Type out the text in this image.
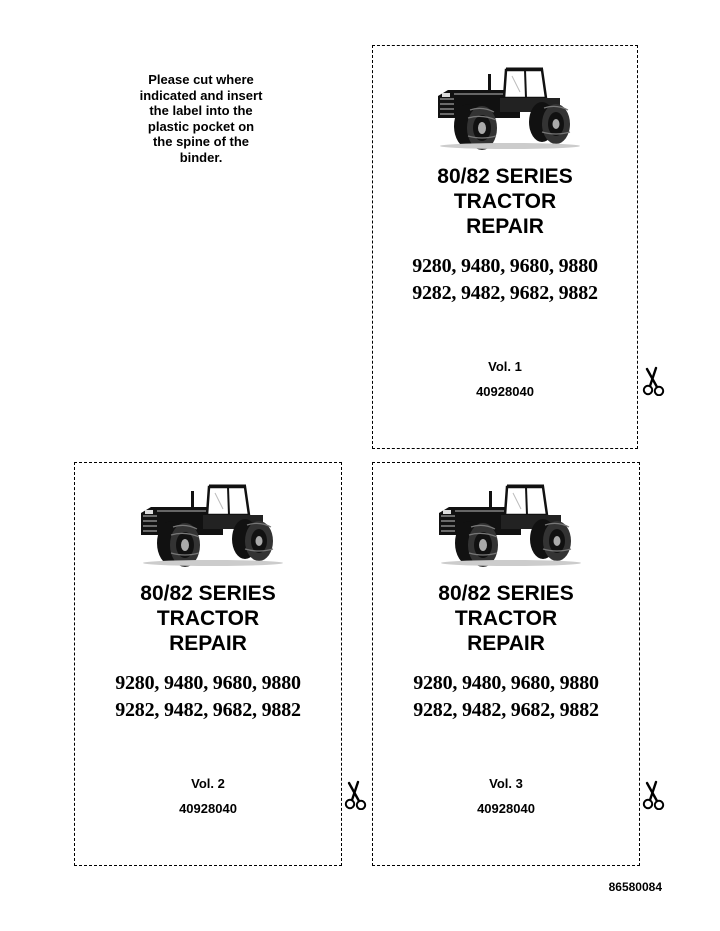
Please cut where
indicated and insert
the label into the
plastic pocket on
the spine of the
binder.
80/82 SERIES
TRACTOR
REPAIR
9280, 9480, 9680, 9880
9282, 9482, 9682, 9882
Vol. 1
40928040
80/82 SERIES
TRACTOR
REPAIR
9280, 9480, 9680, 9880
9282, 9482, 9682, 9882
Vol. 2
40928040
80/82 SERIES
TRACTOR
REPAIR
9280, 9480, 9680, 9880
9282, 9482, 9682, 9882
Vol. 3
40928040
86580084
